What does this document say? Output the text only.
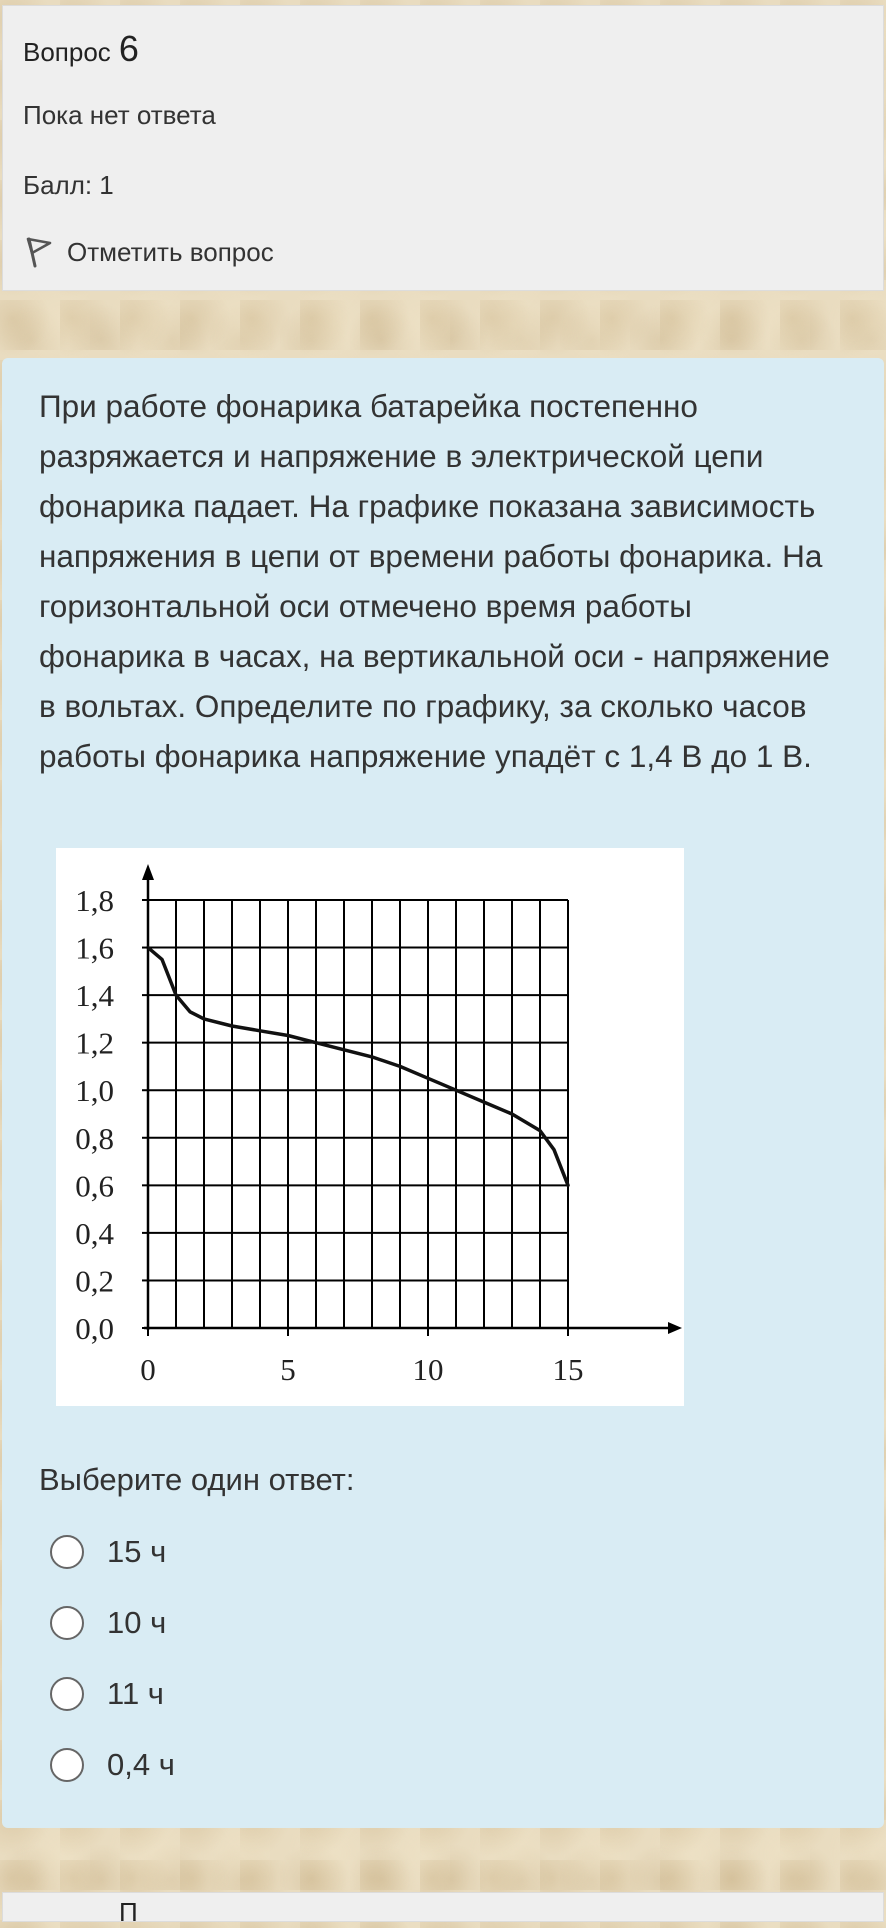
Вопрос 6
Пока нет ответа
Балл: 1
Отметить вопрос

При работе фонарика батарейка постепенно разряжается и напряжение в электрической цепи фонарика падает. На графике показана зависимость напряжения в цепи от времени работы фонарика. На горизонтальной оси отмечено время работы фонарика в часах, на вертикальной оси - напряжение в вольтах. Определите по графику, за сколько часов работы фонарика напряжение упадёт с 1,4 В до 1 В.

0,0
0,2
0,4
0,6
0,8
1,0
1,2
1,4
1,6
1,8
0	5	10	15
Выберите один ответ:
15 ч
10 ч
11 ч
0,4 ч
П
